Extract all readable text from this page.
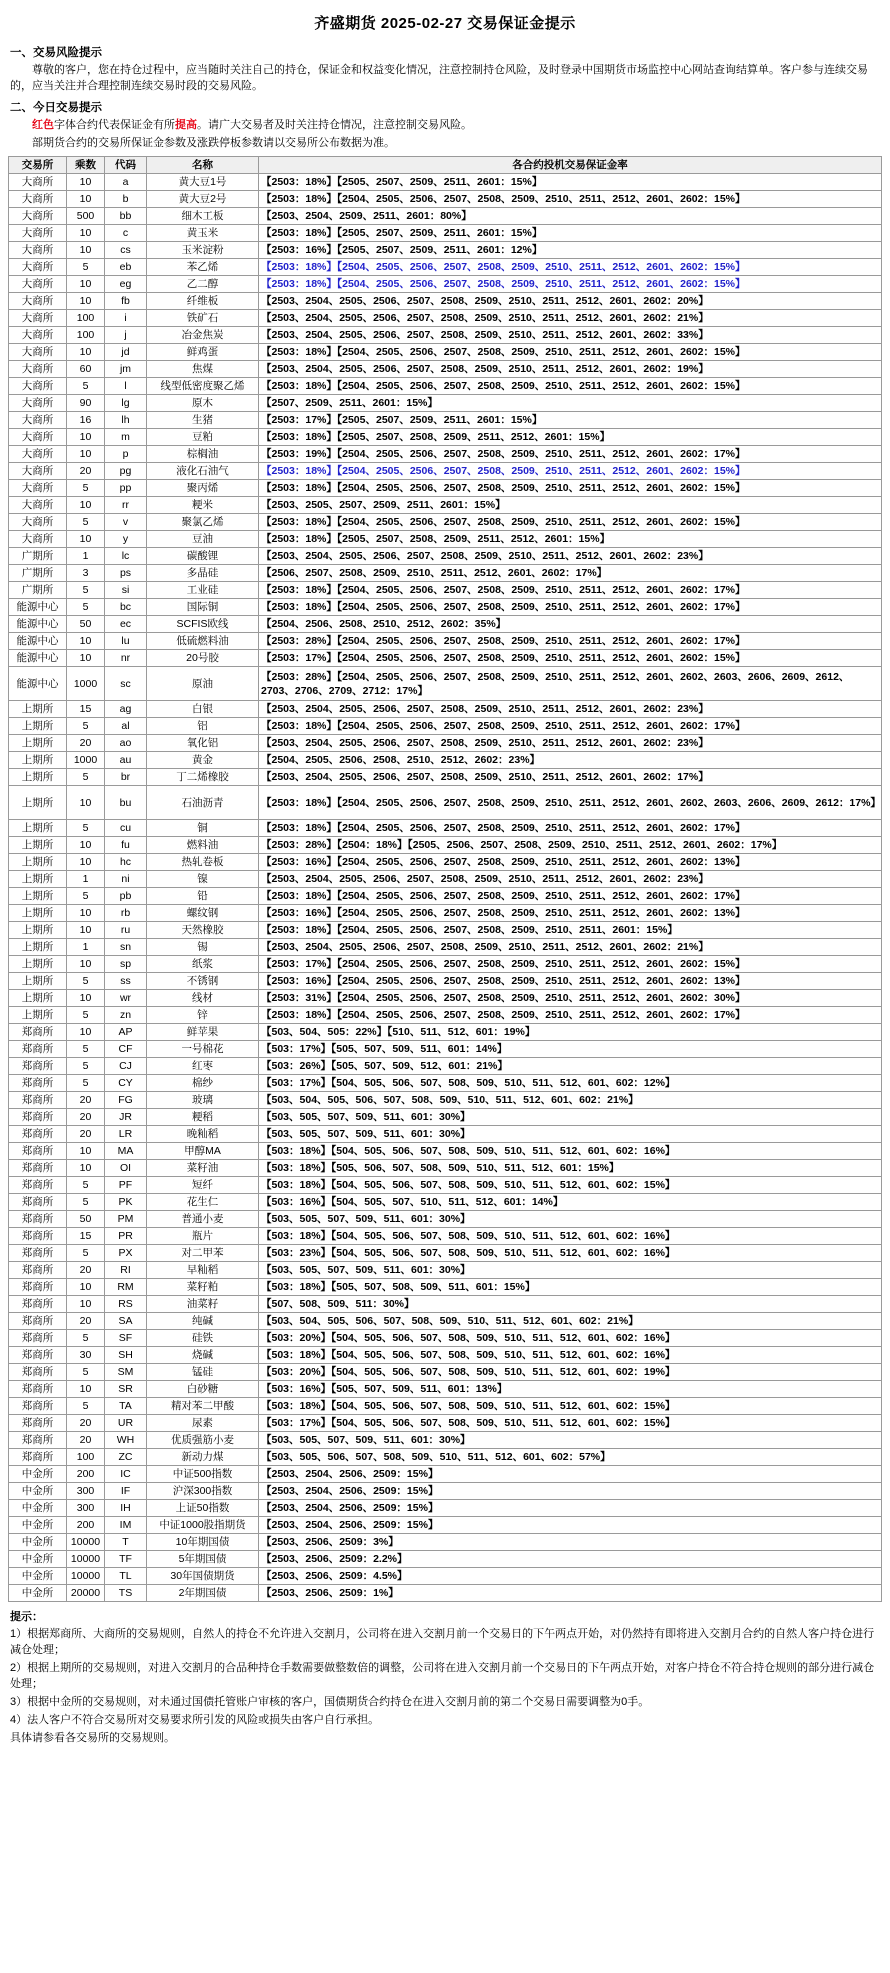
齐盛期货 2025-02-27 交易保证金提示
一、交易风险提示
尊敬的客户，您在持仓过程中，应当随时关注自己的持仓，保证金和权益变化情况，注意控制持仓风险，及时登录中国期货市场监控中心网站查询结算单。客户参与连续交易的，应当关注并合理控制连续交易时段的交易风险。
二、今日交易提示
红色字体合约代表保证金有所提高。请广大交易者及时关注持仓情况，注意控制交易风险。
部期货合约的交易所保证金参数及涨跌停板参数请以交易所公布数据为准。
交易所	乘数	代码	名称	各合约投机交易保证金率
大商所	10	a	黄大豆1号	【2503：18%】【2505、2507、2509、2511、2601：15%】
大商所	10	b	黄大豆2号	【2503：18%】【2504、2505、2506、2507、2508、2509、2510、2511、2512、2601、2602：15%】
大商所	500	bb	细木工板	【2503、2504、2509、2511、2601：80%】
大商所	10	c	黄玉米	【2503：18%】【2505、2507、2509、2511、2601：15%】
大商所	10	cs	玉米淀粉	【2503：16%】【2505、2507、2509、2511、2601：12%】
大商所	5	eb	苯乙烯	【2503：18%】【2504、2505、2506、2507、2508、2509、2510、2511、2512、2601、2602：15%】
大商所	10	eg	乙二醇	【2503：18%】【2504、2505、2506、2507、2508、2509、2510、2511、2512、2601、2602：15%】
大商所	10	fb	纤维板	【2503、2504、2505、2506、2507、2508、2509、2510、2511、2512、2601、2602：20%】
大商所	100	i	铁矿石	【2503、2504、2505、2506、2507、2508、2509、2510、2511、2512、2601、2602：21%】
大商所	100	j	冶金焦炭	【2503、2504、2505、2506、2507、2508、2509、2510、2511、2512、2601、2602：33%】
大商所	10	jd	鲜鸡蛋	【2503：18%】【2504、2505、2506、2507、2508、2509、2510、2511、2512、2601、2602：15%】
大商所	60	jm	焦煤	【2503、2504、2505、2506、2507、2508、2509、2510、2511、2512、2601、2602：19%】
大商所	5	l	线型低密度聚乙烯	【2503：18%】【2504、2505、2506、2507、2508、2509、2510、2511、2512、2601、2602：15%】
大商所	90	lg	原木	【2507、2509、2511、2601：15%】
大商所	16	lh	生猪	【2503：17%】【2505、2507、2509、2511、2601：15%】
大商所	10	m	豆粕	【2503：18%】【2505、2507、2508、2509、2511、2512、2601：15%】
大商所	10	p	棕榈油	【2503：19%】【2504、2505、2506、2507、2508、2509、2510、2511、2512、2601、2602：17%】
大商所	20	pg	液化石油气	【2503：18%】【2504、2505、2506、2507、2508、2509、2510、2511、2512、2601、2602：15%】
大商所	5	pp	聚丙烯	【2503：18%】【2504、2505、2506、2507、2508、2509、2510、2511、2512、2601、2602：15%】
大商所	10	rr	粳米	【2503、2505、2507、2509、2511、2601：15%】
大商所	5	v	聚氯乙烯	【2503：18%】【2504、2505、2506、2507、2508、2509、2510、2511、2512、2601、2602：15%】
大商所	10	y	豆油	【2503：18%】【2505、2507、2508、2509、2511、2512、2601：15%】
广期所	1	lc	碳酸锂	【2503、2504、2505、2506、2507、2508、2509、2510、2511、2512、2601、2602：23%】
广期所	3	ps	多晶硅	【2506、2507、2508、2509、2510、2511、2512、2601、2602：17%】
广期所	5	si	工业硅	【2503：18%】【2504、2505、2506、2507、2508、2509、2510、2511、2512、2601、2602：17%】
能源中心	5	bc	国际铜	【2503：18%】【2504、2505、2506、2507、2508、2509、2510、2511、2512、2601、2602：17%】
能源中心	50	ec	SCFIS欧线	【2504、2506、2508、2510、2512、2602：35%】
能源中心	10	lu	低硫燃料油	【2503：28%】【2504、2505、2506、2507、2508、2509、2510、2511、2512、2601、2602：17%】
能源中心	10	nr	20号胶	【2503：17%】【2504、2505、2506、2507、2508、2509、2510、2511、2512、2601、2602：15%】
能源中心	1000	sc	原油	【2503：28%】【2504、2505、2506、2507、2508、2509、2510、2511、2512、2601、2602、2603、2606、2609、2612、2703、2706、2709、2712：17%】
上期所	15	ag	白银	【2503、2504、2505、2506、2507、2508、2509、2510、2511、2512、2601、2602：23%】
上期所	5	al	铝	【2503：18%】【2504、2505、2506、2507、2508、2509、2510、2511、2512、2601、2602：17%】
上期所	20	ao	氧化铝	【2503、2504、2505、2506、2507、2508、2509、2510、2511、2512、2601、2602：23%】
上期所	1000	au	黄金	【2504、2505、2506、2508、2510、2512、2602：23%】
上期所	5	br	丁二烯橡胶	【2503、2504、2505、2506、2507、2508、2509、2510、2511、2512、2601、2602：17%】
上期所	10	bu	石油沥青	【2503：18%】【2504、2505、2506、2507、2508、2509、2510、2511、2512、2601、2602、2603、2606、2609、2612：17%】
上期所	5	cu	铜	【2503：18%】【2504、2505、2506、2507、2508、2509、2510、2511、2512、2601、2602：17%】
上期所	10	fu	燃料油	【2503：28%】【2504：18%】【2505、2506、2507、2508、2509、2510、2511、2512、2601、2602：17%】
上期所	10	hc	热轧卷板	【2503：16%】【2504、2505、2506、2507、2508、2509、2510、2511、2512、2601、2602：13%】
上期所	1	ni	镍	【2503、2504、2505、2506、2507、2508、2509、2510、2511、2512、2601、2602：23%】
上期所	5	pb	铅	【2503：18%】【2504、2505、2506、2507、2508、2509、2510、2511、2512、2601、2602：17%】
上期所	10	rb	螺纹钢	【2503：16%】【2504、2505、2506、2507、2508、2509、2510、2511、2512、2601、2602：13%】
上期所	10	ru	天然橡胶	【2503：18%】【2504、2505、2506、2507、2508、2509、2510、2511、2601：15%】
上期所	1	sn	锡	【2503、2504、2505、2506、2507、2508、2509、2510、2511、2512、2601、2602：21%】
上期所	10	sp	纸浆	【2503：17%】【2504、2505、2506、2507、2508、2509、2510、2511、2512、2601、2602：15%】
上期所	5	ss	不锈钢	【2503：16%】【2504、2505、2506、2507、2508、2509、2510、2511、2512、2601、2602：13%】
上期所	10	wr	线材	【2503：31%】【2504、2505、2506、2507、2508、2509、2510、2511、2512、2601、2602：30%】
上期所	5	zn	锌	【2503：18%】【2504、2505、2506、2507、2508、2509、2510、2511、2512、2601、2602：17%】
郑商所	10	AP	鲜苹果	【503、504、505：22%】【510、511、512、601：19%】
郑商所	5	CF	一号棉花	【503：17%】【505、507、509、511、601：14%】
郑商所	5	CJ	红枣	【503：26%】【505、507、509、512、601：21%】
郑商所	5	CY	棉纱	【503：17%】【504、505、506、507、508、509、510、511、512、601、602：12%】
郑商所	20	FG	玻璃	【503、504、505、506、507、508、509、510、511、512、601、602：21%】
郑商所	20	JR	粳稻	【503、505、507、509、511、601：30%】
郑商所	20	LR	晚籼稻	【503、505、507、509、511、601：30%】
郑商所	10	MA	甲醇MA	【503：18%】【504、505、506、507、508、509、510、511、512、601、602：16%】
郑商所	10	OI	菜籽油	【503：18%】【505、506、507、508、509、510、511、512、601：15%】
郑商所	5	PF	短纤	【503：18%】【504、505、506、507、508、509、510、511、512、601、602：15%】
郑商所	5	PK	花生仁	【503：16%】【504、505、507、510、511、512、601：14%】
郑商所	50	PM	普通小麦	【503、505、507、509、511、601：30%】
郑商所	15	PR	瓶片	【503：18%】【504、505、506、507、508、509、510、511、512、601、602：16%】
郑商所	5	PX	对二甲苯	【503：23%】【504、505、506、507、508、509、510、511、512、601、602：16%】
郑商所	20	RI	早籼稻	【503、505、507、509、511、601：30%】
郑商所	10	RM	菜籽粕	【503：18%】【505、507、508、509、511、601：15%】
郑商所	10	RS	油菜籽	【507、508、509、511：30%】
郑商所	20	SA	纯碱	【503、504、505、506、507、508、509、510、511、512、601、602：21%】
郑商所	5	SF	硅铁	【503：20%】【504、505、506、507、508、509、510、511、512、601、602：16%】
郑商所	30	SH	烧碱	【503：18%】【504、505、506、507、508、509、510、511、512、601、602：16%】
郑商所	5	SM	锰硅	【503：20%】【504、505、506、507、508、509、510、511、512、601、602：19%】
郑商所	10	SR	白砂糖	【503：16%】【505、507、509、511、601：13%】
郑商所	5	TA	精对苯二甲酸	【503：18%】【504、505、506、507、508、509、510、511、512、601、602：15%】
郑商所	20	UR	尿素	【503：17%】【504、505、506、507、508、509、510、511、512、601、602：15%】
郑商所	20	WH	优质强筋小麦	【503、505、507、509、511、601：30%】
郑商所	100	ZC	新动力煤	【503、505、506、507、508、509、510、511、512、601、602：57%】
中金所	200	IC	中证500指数	【2503、2504、2506、2509：15%】
中金所	300	IF	沪深300指数	【2503、2504、2506、2509：15%】
中金所	300	IH	上证50指数	【2503、2504、2506、2509：15%】
中金所	200	IM	中证1000股指期货	【2503、2504、2506、2509：15%】
中金所	10000	T	10年期国债	【2503、2506、2509：3%】
中金所	10000	TF	5年期国债	【2503、2506、2509：2.2%】
中金所	10000	TL	30年国债期货	【2503、2506、2509：4.5%】
中金所	20000	TS	2年期国债	【2503、2506、2509：1%】
提示：
1）根据郑商所、大商所的交易规则，自然人的持仓不允许进入交割月，公司将在进入交割月前一个交易日的下午两点开始，对仍然持有即将进入交割月合约的自然人客户持仓进行减仓处理；
2）根据上期所的交易规则，对进入交割月的合品种持仓手数需要做整数倍的调整，公司将在进入交割月前一个交易日的下午两点开始，对客户持仓不符合持仓规则的部分进行减仓处理；
3）根据中金所的交易规则，对未通过国债托管账户审核的客户，国债期货合约持仓在进入交割月前的第二个交易日需要调整为0手。
4）法人客户不符合交易所对交易要求所引发的风险或损失由客户自行承担。
具体请参看各交易所的交易规则。
